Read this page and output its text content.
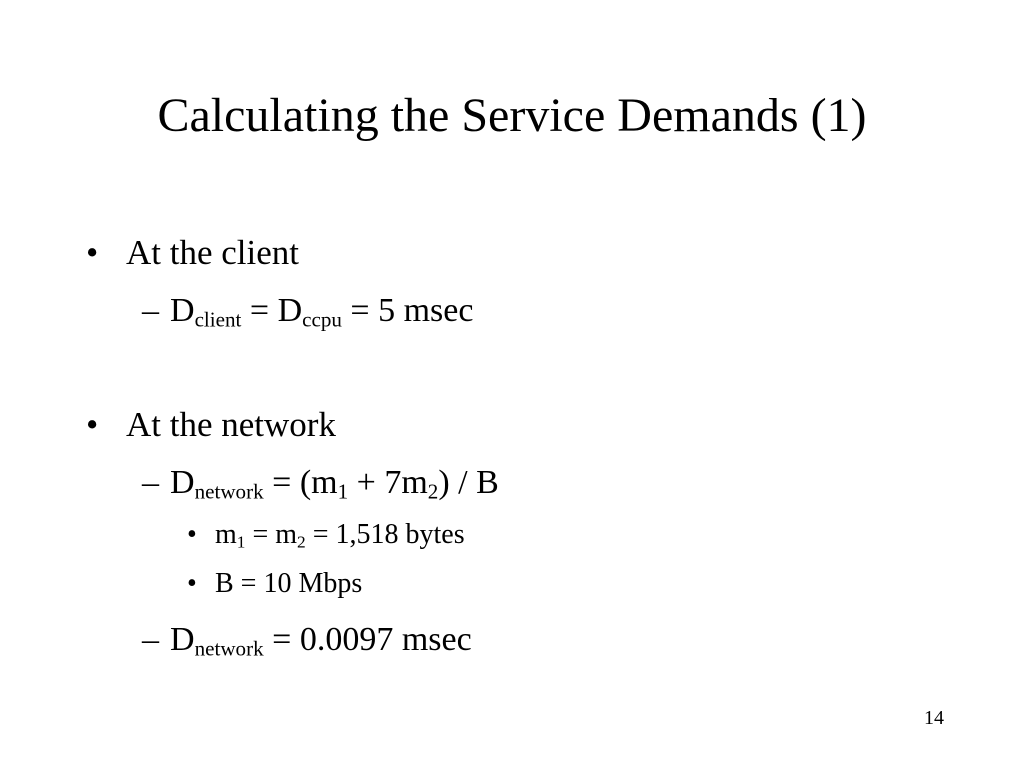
Calculating the Service Demands (1)
• At the client
– $D_{client} = D_{ccpu} = 5$ msec
• At the network
– $D_{network} = (m_1 + 7m_2) / B$
• $m_1 = m_2 = 1,518$ bytes
• B = 10 Mbps
– $D_{network} = 0.0097$ msec
14
